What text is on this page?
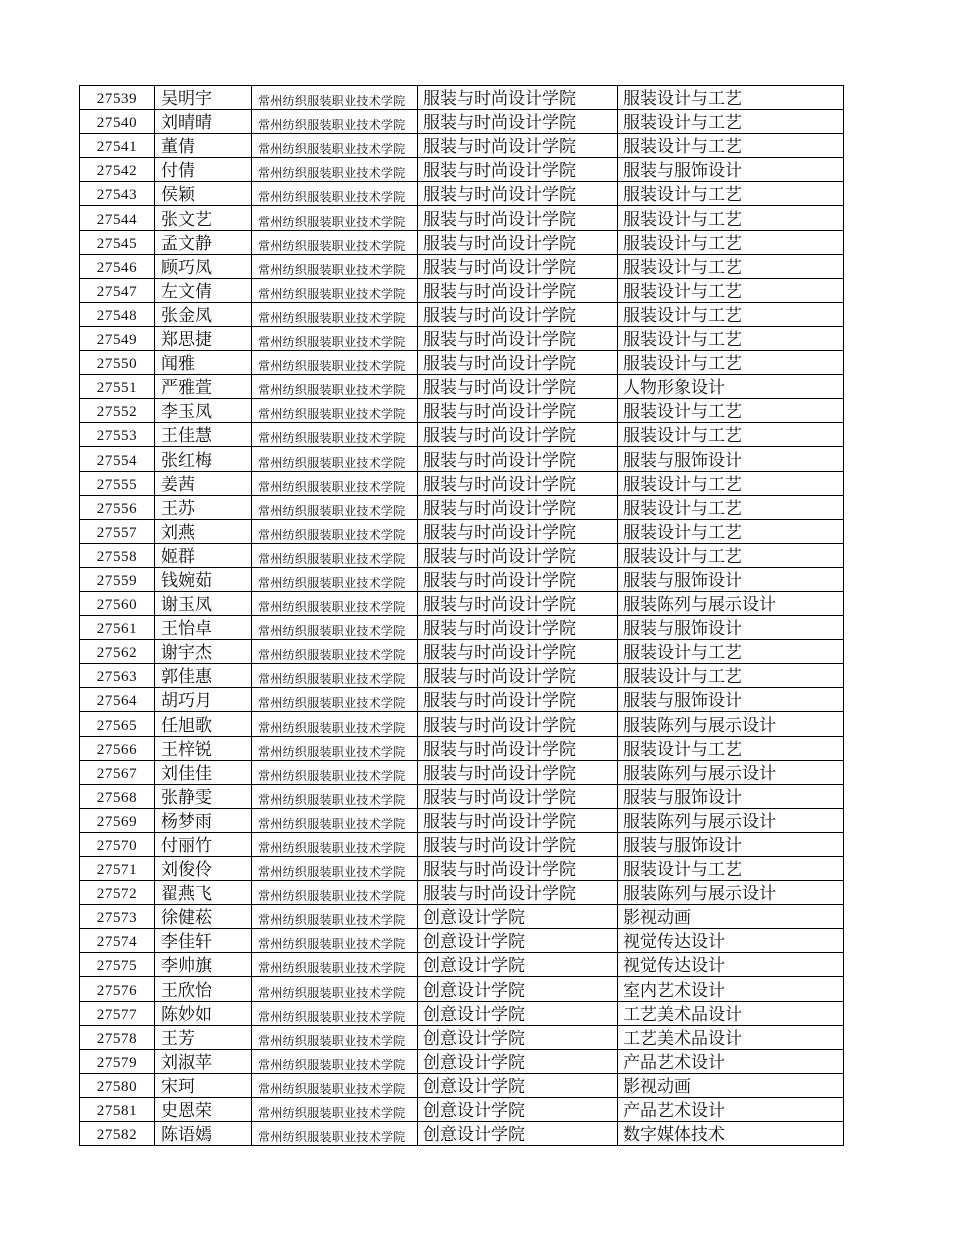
27539	吴明宇	常州纺织服装职业技术学院	服装与时尚设计学院	服装设计与工艺
27540	刘晴晴	常州纺织服装职业技术学院	服装与时尚设计学院	服装设计与工艺
27541	董倩	常州纺织服装职业技术学院	服装与时尚设计学院	服装设计与工艺
27542	付倩	常州纺织服装职业技术学院	服装与时尚设计学院	服装与服饰设计
27543	侯颖	常州纺织服装职业技术学院	服装与时尚设计学院	服装设计与工艺
27544	张文艺	常州纺织服装职业技术学院	服装与时尚设计学院	服装设计与工艺
27545	孟文静	常州纺织服装职业技术学院	服装与时尚设计学院	服装设计与工艺
27546	顾巧凤	常州纺织服装职业技术学院	服装与时尚设计学院	服装设计与工艺
27547	左文倩	常州纺织服装职业技术学院	服装与时尚设计学院	服装设计与工艺
27548	张金凤	常州纺织服装职业技术学院	服装与时尚设计学院	服装设计与工艺
27549	郑思捷	常州纺织服装职业技术学院	服装与时尚设计学院	服装设计与工艺
27550	闻雅	常州纺织服装职业技术学院	服装与时尚设计学院	服装设计与工艺
27551	严雅萱	常州纺织服装职业技术学院	服装与时尚设计学院	人物形象设计
27552	李玉凤	常州纺织服装职业技术学院	服装与时尚设计学院	服装设计与工艺
27553	王佳慧	常州纺织服装职业技术学院	服装与时尚设计学院	服装设计与工艺
27554	张红梅	常州纺织服装职业技术学院	服装与时尚设计学院	服装与服饰设计
27555	姜茜	常州纺织服装职业技术学院	服装与时尚设计学院	服装设计与工艺
27556	王苏	常州纺织服装职业技术学院	服装与时尚设计学院	服装设计与工艺
27557	刘燕	常州纺织服装职业技术学院	服装与时尚设计学院	服装设计与工艺
27558	姬群	常州纺织服装职业技术学院	服装与时尚设计学院	服装设计与工艺
27559	钱婉茹	常州纺织服装职业技术学院	服装与时尚设计学院	服装与服饰设计
27560	谢玉凤	常州纺织服装职业技术学院	服装与时尚设计学院	服装陈列与展示设计
27561	王怡卓	常州纺织服装职业技术学院	服装与时尚设计学院	服装与服饰设计
27562	谢宇杰	常州纺织服装职业技术学院	服装与时尚设计学院	服装设计与工艺
27563	郭佳惠	常州纺织服装职业技术学院	服装与时尚设计学院	服装设计与工艺
27564	胡巧月	常州纺织服装职业技术学院	服装与时尚设计学院	服装与服饰设计
27565	任旭歌	常州纺织服装职业技术学院	服装与时尚设计学院	服装陈列与展示设计
27566	王梓锐	常州纺织服装职业技术学院	服装与时尚设计学院	服装设计与工艺
27567	刘佳佳	常州纺织服装职业技术学院	服装与时尚设计学院	服装陈列与展示设计
27568	张静雯	常州纺织服装职业技术学院	服装与时尚设计学院	服装与服饰设计
27569	杨梦雨	常州纺织服装职业技术学院	服装与时尚设计学院	服装陈列与展示设计
27570	付丽竹	常州纺织服装职业技术学院	服装与时尚设计学院	服装与服饰设计
27571	刘俊伶	常州纺织服装职业技术学院	服装与时尚设计学院	服装设计与工艺
27572	翟燕飞	常州纺织服装职业技术学院	服装与时尚设计学院	服装陈列与展示设计
27573	徐健菘	常州纺织服装职业技术学院	创意设计学院	影视动画
27574	李佳轩	常州纺织服装职业技术学院	创意设计学院	视觉传达设计
27575	李帅旗	常州纺织服装职业技术学院	创意设计学院	视觉传达设计
27576	王欣怡	常州纺织服装职业技术学院	创意设计学院	室内艺术设计
27577	陈妙如	常州纺织服装职业技术学院	创意设计学院	工艺美术品设计
27578	王芳	常州纺织服装职业技术学院	创意设计学院	工艺美术品设计
27579	刘淑苹	常州纺织服装职业技术学院	创意设计学院	产品艺术设计
27580	宋珂	常州纺织服装职业技术学院	创意设计学院	影视动画
27581	史恩荣	常州纺织服装职业技术学院	创意设计学院	产品艺术设计
27582	陈语嫣	常州纺织服装职业技术学院	创意设计学院	数字媒体技术
